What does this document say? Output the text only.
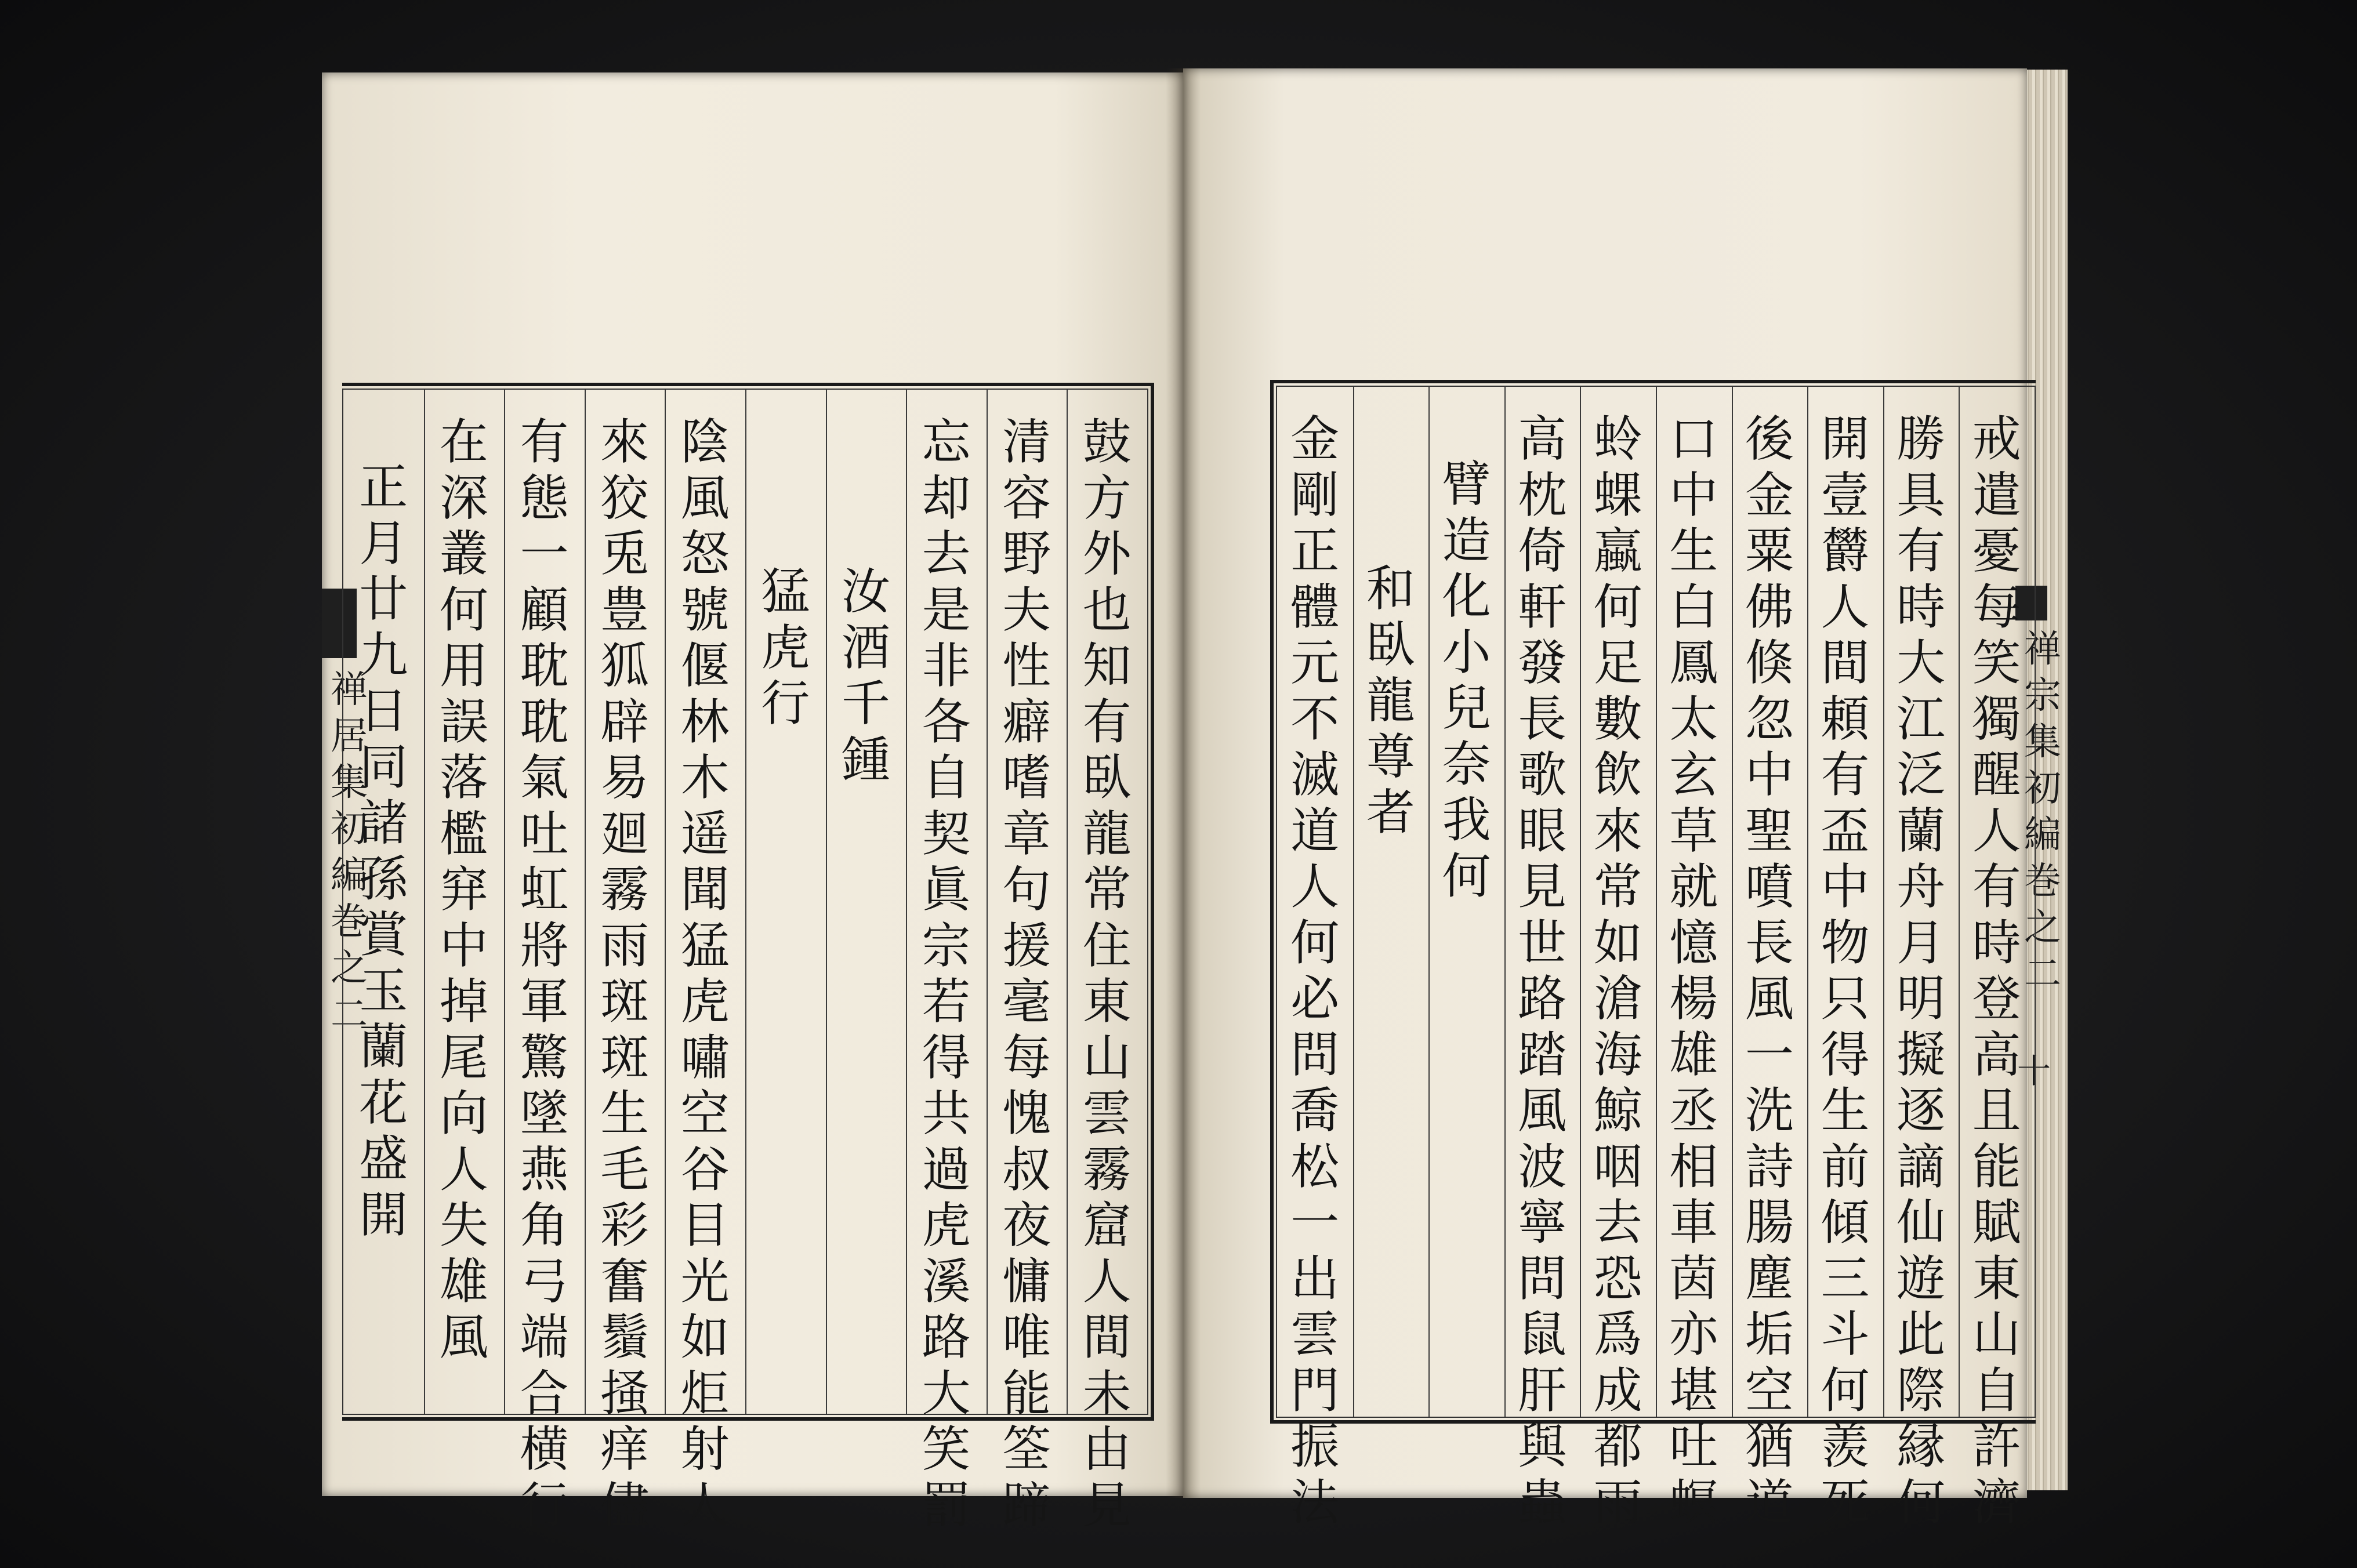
禅
居
集
初
編
巻
之
二
禅
宗
集
初
編
巻
之
二
十
鼓
方
外
也
知
有
臥
龍
常
住
東
山
雲
霧
窟
人
間
未
由
見
清
容
野
夫
性
癖
嗜
章
句
援
毫
每
愧
叔
夜
慵
唯
能
筌
蹄
忘
却
去
是
非
各
自
契
眞
宗
若
得
共
過
虎
溪
路
大
笑
罰
汝
酒
千
鍾
猛
虎
行
陰
風
怒
號
偃
林
木
遥
聞
猛
虎
嘯
空
谷
目
光
如
炬
射
人
來
狡
兎
豊
狐
辟
易
廻
霧
雨
斑
斑
生
毛
彩
奮
鬚
掻
痒
儘
有
態
一
顧
耽
耽
氣
吐
虹
將
軍
驚
墜
燕
角
弓
端
合
横
行
在
深
叢
何
用
誤
落
檻
穽
中
掉
尾
向
人
失
雄
風
正
月
廿
九
日
同
諸
孫
賞
玉
蘭
花
盛
開
戒
遣
憂
每
笑
獨
醒
人
有
時
登
高
且
能
賦
東
山
自
許
濟
勝
具
有
時
大
江
泛
蘭
舟
月
明
擬
逐
謫
仙
遊
此
際
縁
何
開
壹
欝
人
間
頼
有
盃
中
物
只
得
生
前
傾
三
斗
何
羨
死
後
金
粟
佛
倏
忽
中
聖
噴
長
風
一
洗
詩
腸
塵
垢
空
猶
道
口
中
生
白
鳳
太
玄
草
就
憶
楊
雄
丞
相
車
茵
亦
堪
吐
螟
蛉
蜾
蠃
何
足
數
飲
來
常
如
滄
海
鯨
咽
去
恐
爲
成
都
雨
高
枕
倚
軒
發
長
歌
眼
見
世
路
踏
風
波
寧
問
鼠
肝
與
蟲
臂
造
化
小
兒
奈
我
何
和
臥
龍
尊
者
金
剛
正
體
元
不
滅
道
人
何
必
問
喬
松
一
出
雲
門
振
法
